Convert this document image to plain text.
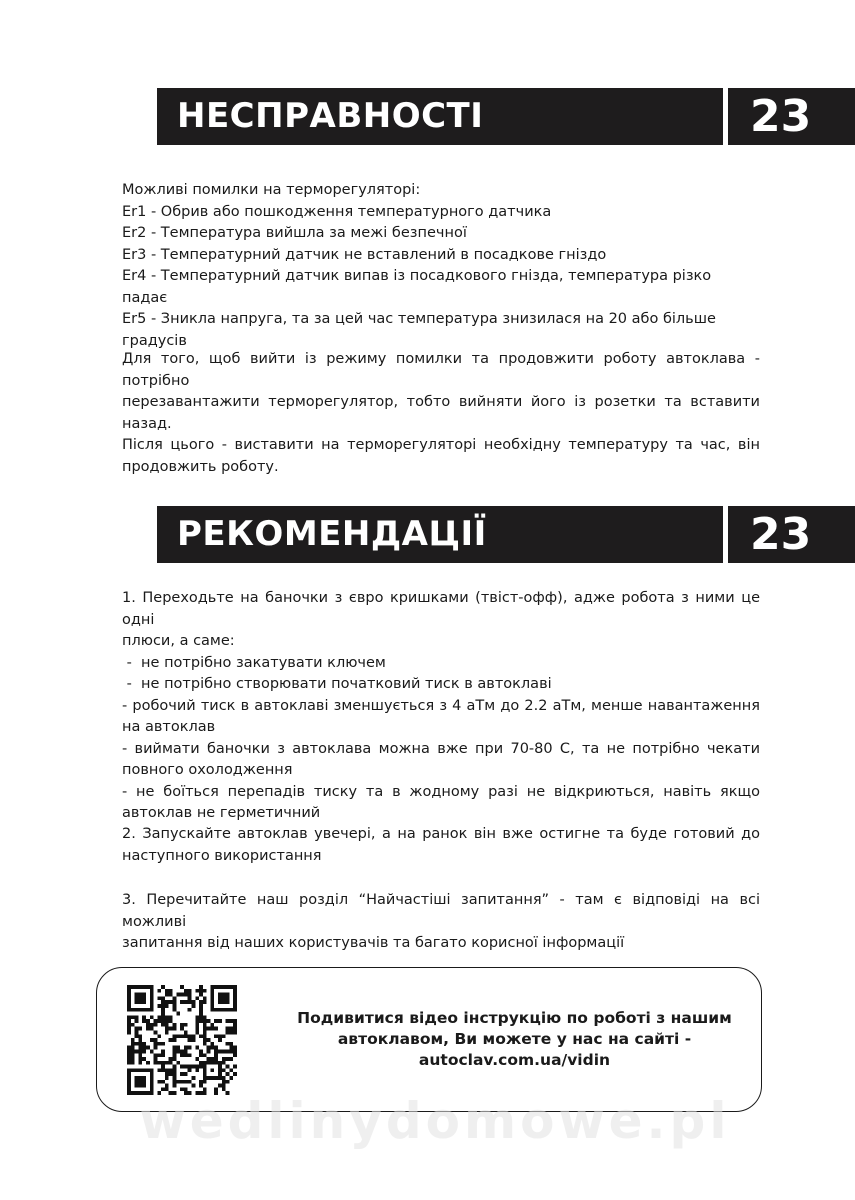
НЕСПРАВНОСТІ	23

Можливі помилки на терморегуляторі:

Er1 - Обрив або пошкодження температурного датчика

Er2 - Температура вийшла за межі безпечної

Er3 - Температурний датчик не вставлений в посадкове гніздо

Er4 - Температурний датчик випав із посадкового гнізда, температура різко падає

Er5 - Зникла напруга, та за цей час температура знизилася на 20 або більше градусів

Для того, щоб вийти із режиму помилки та продовжити роботу автоклава - потрібно

перезавантажити терморегулятор, тобто вийняти його із розетки та вставити назад.

Після цього - виставити на терморегуляторі необхідну температуру та час, він

продовжить роботу.

РЕКОМЕНДАЦІЇ	23

1. Переходьте на баночки з євро кришками (твіст-офф), адже робота з ними це одні

плюси, а саме:

-  не потрібно закатувати ключем

-  не потрібно створювати початковий тиск в автоклаві

- робочий тиск в автоклаві зменшується з 4 аТм до 2.2 аТм, менше навантаження

на автоклав

- виймати баночки з автоклава можна вже при 70-80 С, та не потрібно чекати

повного охолодження

- не боїться перепадів тиску та в жодному разі не відкриються, навіть якщо

автоклав не герметичний

2. Запускайте автоклав увечері, а на ранок він вже остигне та буде готовий до

наступного використання

3. Перечитайте наш розділ “Найчастіші запитання” - там є відповіді на всі можливі

запитання від наших користувачів та багато корисної інформації

Подивитися відео інструкцію по роботі з нашим

автоклавом, Ви можете у нас на сайті -

autoclav.com.ua/vidin

wedlinydomowe.pl
